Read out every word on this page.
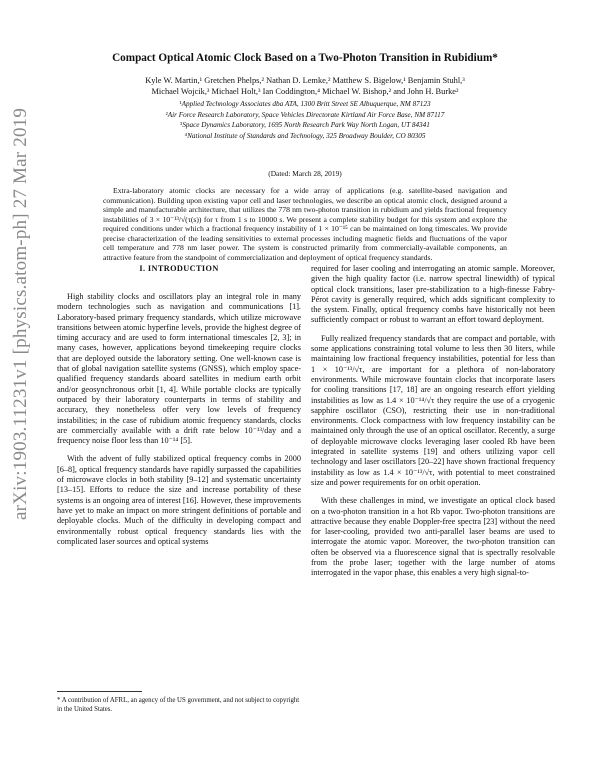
arXiv:1903.11231v1 [physics.atom-ph] 27 Mar 2019
Compact Optical Atomic Clock Based on a Two-Photon Transition in Rubidium*
Kyle W. Martin,¹ Gretchen Phelps,² Nathan D. Lemke,² Matthew S. Bigelow,¹ Benjamin Stuhl,³
Michael Wojcik,³ Michael Holt,³ Ian Coddington,⁴ Michael W. Bishop,² and John H. Burke²
¹Applied Technology Associates dba ATA, 1300 Britt Street SE Albuquerque, NM 87123
²Air Force Research Laboratory, Space Vehicles Directorate Kirtland Air Force Base, NM 87117
³Space Dynamics Laboratory, 1695 North Research Park Way North Logan, UT 84341
⁴National Institute of Standards and Technology, 325 Broadway Boulder, CO 80305
(Dated: March 28, 2019)
Extra-laboratory atomic clocks are necessary for a wide array of applications (e.g. satellite-based navigation and communication). Building upon existing vapor cell and laser technologies, we describe an optical atomic clock, designed around a simple and manufacturable architecture, that utilizes the 778 nm two-photon transition in rubidium and yields fractional frequency instabilities of 3 × 10⁻¹³/√(τ(s)) for τ from 1 s to 10000 s. We present a complete stability budget for this system and explore the required conditions under which a fractional frequency instability of 1 × 10⁻¹⁵ can be maintained on long timescales. We provide precise characterization of the leading sensitivities to external processes including magnetic fields and fluctuations of the vapor cell temperature and 778 nm laser power. The system is constructed primarily from commercially-available components, an attractive feature from the standpoint of commercialization and deployment of optical frequency standards.
I. INTRODUCTION

High stability clocks and oscillators play an integral role in many modern technologies such as navigation and communications [1]. Laboratory-based primary frequency standards, which utilize microwave transitions between atomic hyperfine levels, provide the highest degree of timing accuracy and are used to form international timescales [2, 3]; in many cases, however, applications beyond timekeeping require clocks that are deployed outside the laboratory setting. One well-known case is that of global navigation satellite systems (GNSS), which employ space-qualified frequency standards aboard satellites in medium earth orbit and/or geosynchronous orbit [1, 4]. While portable clocks are typically outpaced by their laboratory counterparts in terms of stability and accuracy, they nonetheless offer very low levels of frequency instabilities; in the case of rubidium atomic frequency standards, clocks are commercially available with a drift rate below 10⁻¹³/day and a frequency noise floor less than 10⁻¹⁴ [5].

With the advent of fully stabilized optical frequency combs in 2000 [6–8], optical frequency standards have rapidly surpassed the capabilities of microwave clocks in both stability [9–12] and systematic uncertainty [13–15]. Efforts to reduce the size and increase portability of these systems is an ongoing area of interest [16]. However, these improvements have yet to make an impact on more stringent definitions of portable and deployable clocks. Much of the difficulty in developing compact and environmentally robust optical frequency standards lies with the complicated laser sources and optical systems

required for laser cooling and interrogating an atomic sample. Moreover, given the high quality factor (i.e. narrow spectral linewidth) of typical optical clock transitions, laser pre-stabilization to a high-finesse Fabry-Pérot cavity is generally required, which adds significant complexity to the system. Finally, optical frequency combs have historically not been sufficiently compact or robust to warrant an effort toward deployment.

Fully realized frequency standards that are compact and portable, with some applications constraining total volume to less then 30 liters, while maintaining low fractional frequency instabilities, potential for less than 1 × 10⁻¹³/√τ, are important for a plethora of non-laboratory environments. While microwave fountain clocks that incorporate lasers for cooling transitions [17, 18] are an ongoing research effort yielding instabilities as low as 1.4 × 10⁻¹⁴/√τ they require the use of a cryogenic sapphire oscillator (CSO), restricting their use in non-traditional environments. Clock compactness with low frequency instability can be maintained only through the use of an optical oscillator. Recently, a surge of deployable microwave clocks leveraging laser cooled Rb have been integrated in satellite systems [19] and others utilizing vapor cell technology and laser oscillators [20–22] have shown fractional frequency instability as low as 1.4 × 10⁻¹³/√τ, with potential to meet constrained size and power requirements for on orbit operation.

With these challenges in mind, we investigate an optical clock based on a two-photon transition in a hot Rb vapor. Two-photon transitions are attractive because they enable Doppler-free spectra [23] without the need for laser-cooling, provided two anti-parallel laser beams are used to interrogate the atomic vapor. Moreover, the two-photon transition can often be observed via a fluorescence signal that is spectrally resolvable from the probe laser; together with the large number of atoms interrogated in the vapor phase, this enables a very high signal-to-

* A contribution of AFRL, an agency of the US government, and not subject to copyright in the United States.
